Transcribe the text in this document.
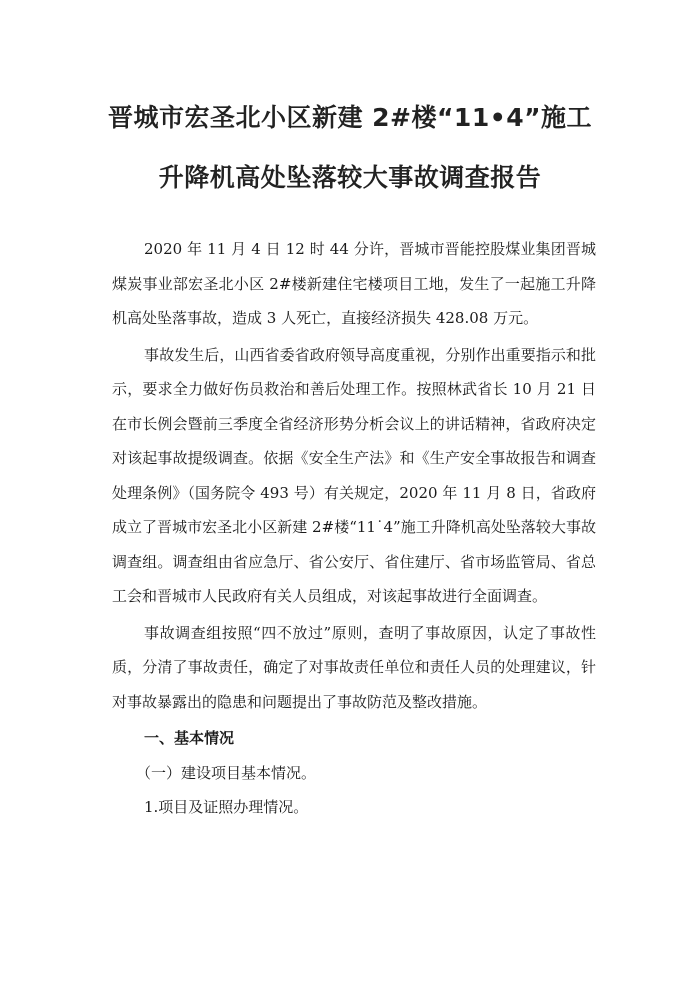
晋城市宏圣北小区新建 2#楼“11•4”施工
升降机高处坠落较大事故调查报告

2020 年 11 月 4 日 12 时 44 分许，晋城市晋能控股煤业集团晋城煤炭事业部宏圣北小区 2#楼新建住宅楼项目工地，发生了一起施工升降机高处坠落事故，造成 3 人死亡，直接经济损失 428.08 万元。

事故发生后，山西省委省政府领导高度重视，分别作出重要指示和批示，要求全力做好伤员救治和善后处理工作。按照林武省长 10 月 21 日在市长例会暨前三季度全省经济形势分析会议上的讲话精神，省政府决定对该起事故提级调查。依据《安全生产法》和《生产安全事故报告和调查处理条例》（国务院令 493 号）有关规定，2020 年 11 月 8 日，省政府成立了晋城市宏圣北小区新建 2#楼“11˙4”施工升降机高处坠落较大事故调查组。调查组由省应急厅、省公安厅、省住建厅、省市场监管局、省总工会和晋城市人民政府有关人员组成，对该起事故进行全面调查。

事故调查组按照“四不放过”原则，查明了事故原因，认定了事故性质，分清了事故责任，确定了对事故责任单位和责任人员的处理建议，针对事故暴露出的隐患和问题提出了事故防范及整改措施。

一、基本情况

（一）建设项目基本情况。

1.项目及证照办理情况。
